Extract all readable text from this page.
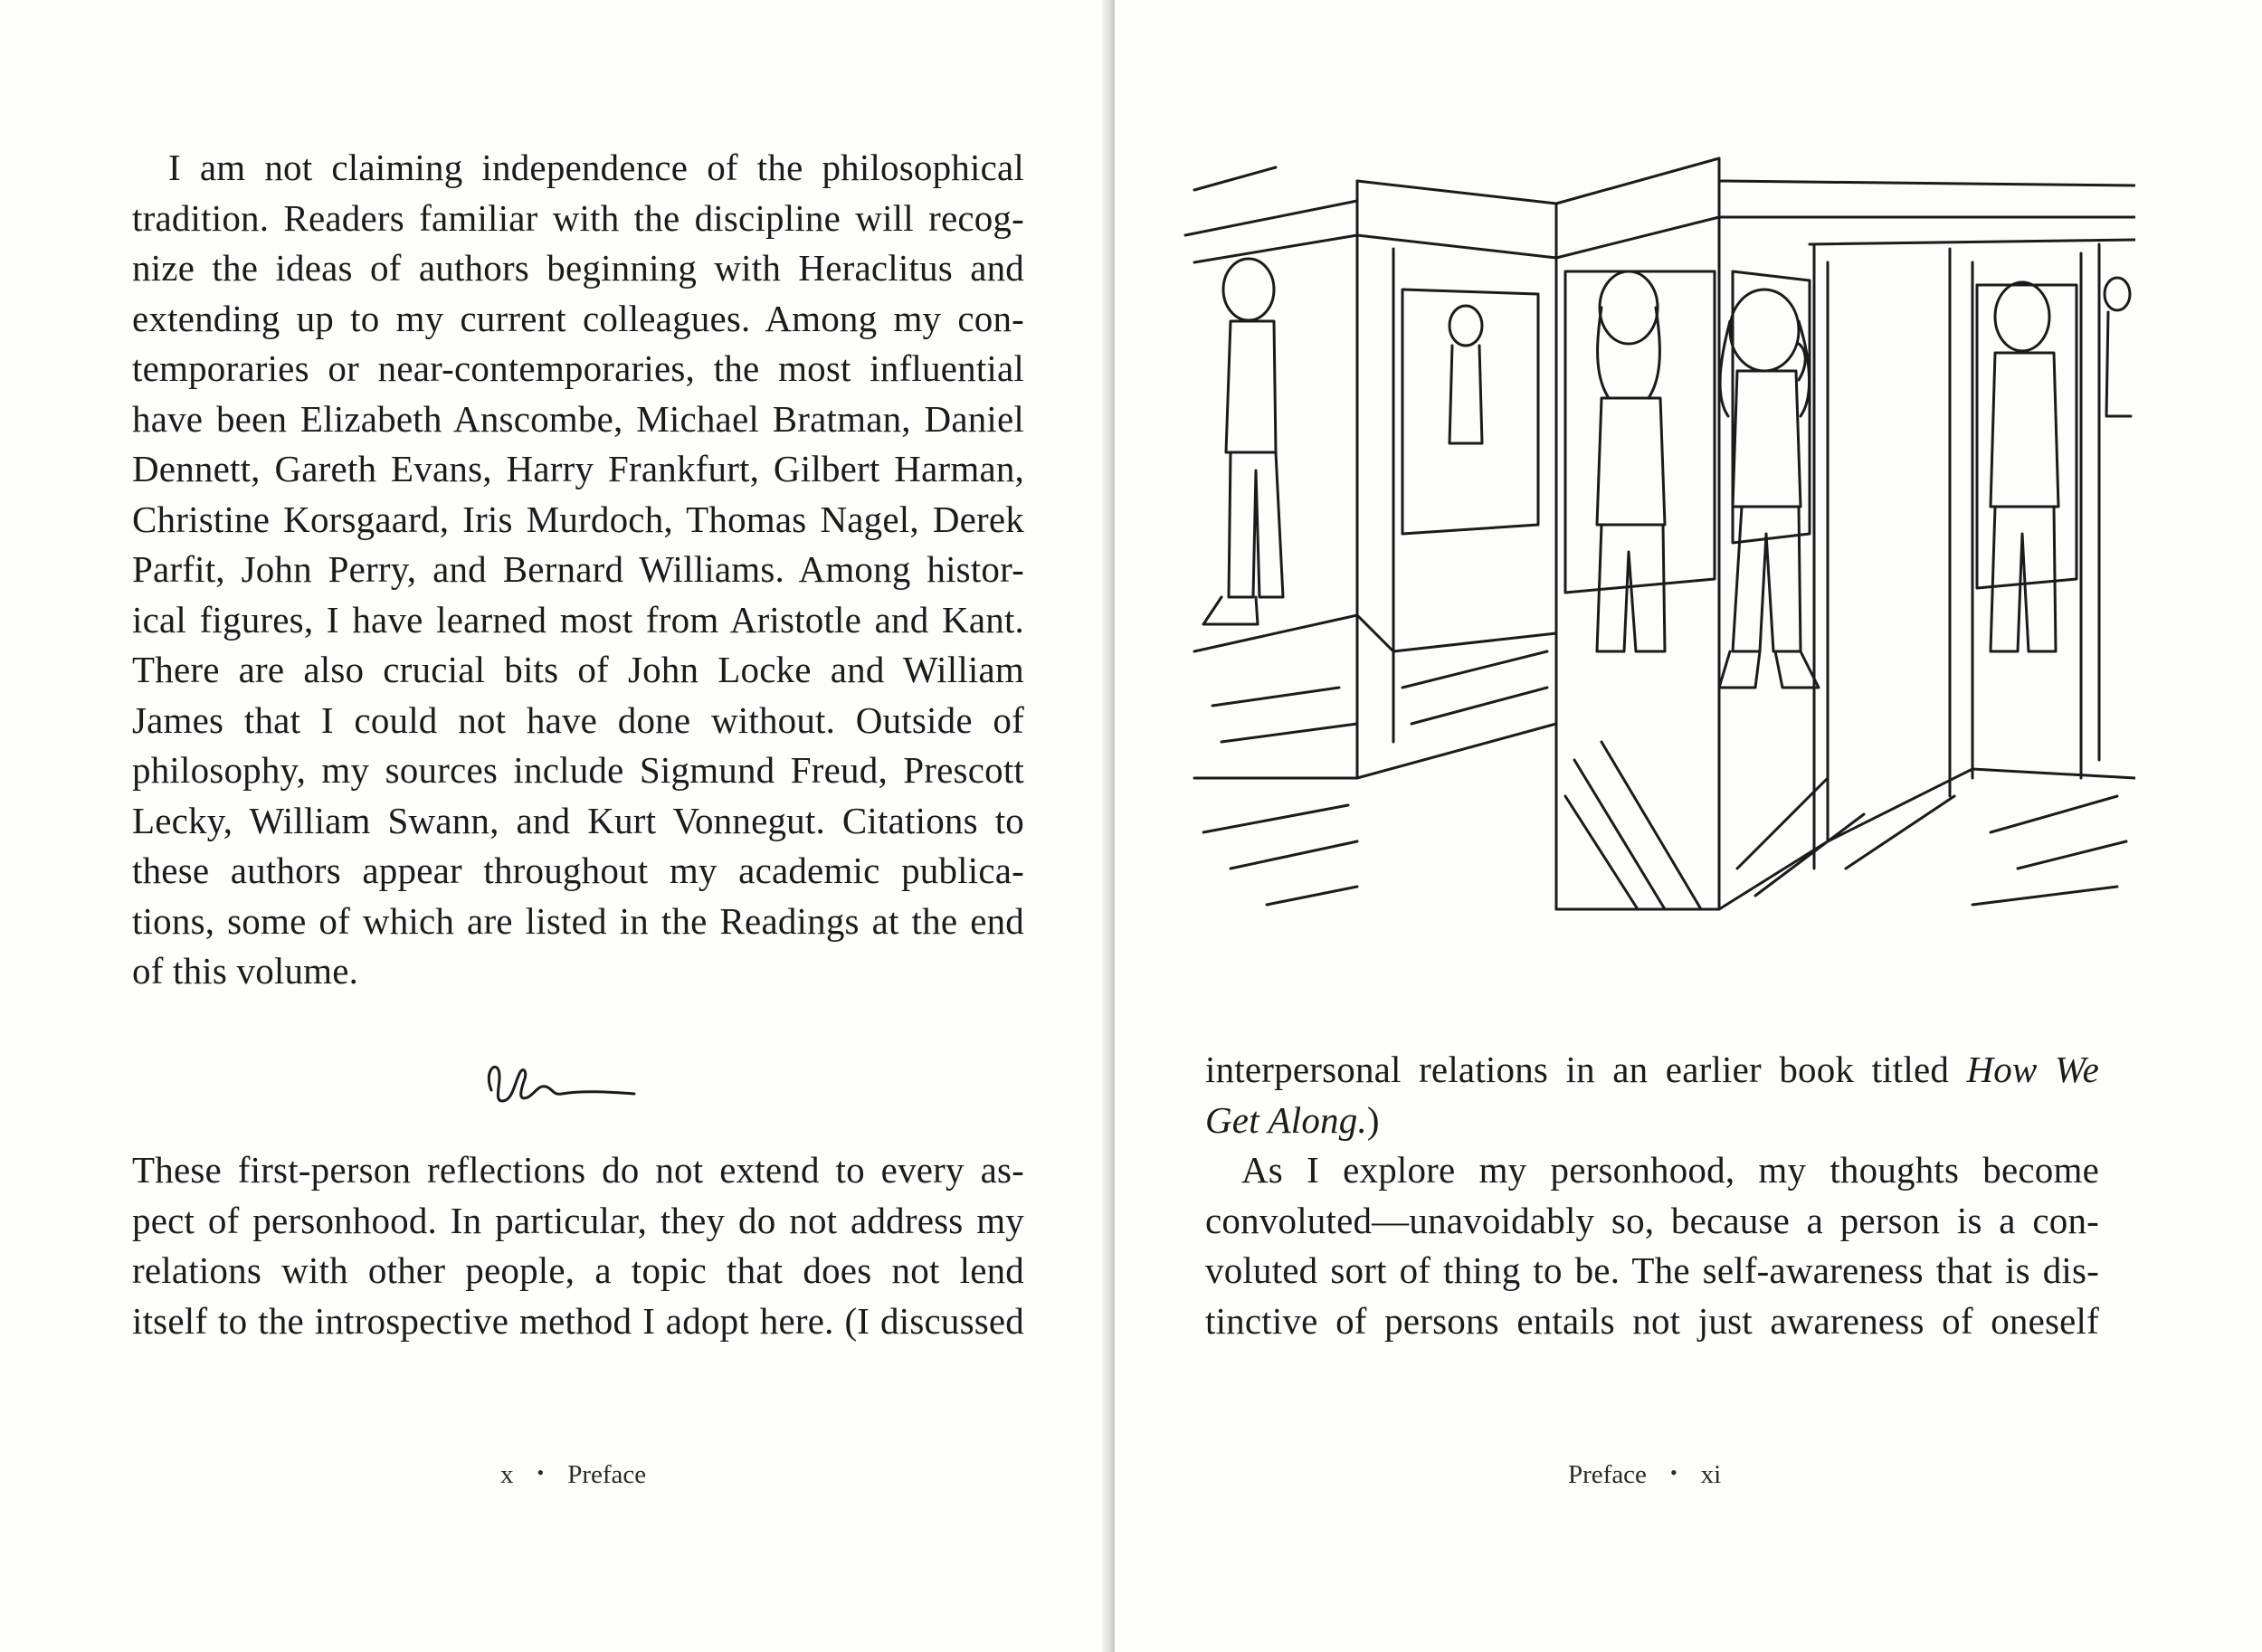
I am not claiming independence of the philosophical
tradition. Readers familiar with the discipline will recog-
nize the ideas of authors beginning with Heraclitus and
extending up to my current colleagues. Among my con-
temporaries or near-contemporaries, the most influential
have been Elizabeth Anscombe, Michael Bratman, Daniel
Dennett, Gareth Evans, Harry Frankfurt, Gilbert Harman,
Christine Korsgaard, Iris Murdoch, Thomas Nagel, Derek
Parfit, John Perry, and Bernard Williams. Among histor-
ical figures, I have learned most from Aristotle and Kant.
There are also crucial bits of John Locke and William
James that I could not have done without. Outside of
philosophy, my sources include Sigmund Freud, Prescott
Lecky, William Swann, and Kurt Vonnegut. Citations to
these authors appear throughout my academic publica-
tions, some of which are listed in the Readings at the end
of this volume.
These first-person reflections do not extend to every as-
pect of personhood. In particular, they do not address my
relations with other people, a topic that does not lend
itself to the introspective method I adopt here. (I discussed
x • Preface
interpersonal relations in an earlier book titled How We
Get Along.)
As I explore my personhood, my thoughts become
convoluted—unavoidably so, because a person is a con-
voluted sort of thing to be. The self-awareness that is dis-
tinctive of persons entails not just awareness of oneself
Preface • xi
